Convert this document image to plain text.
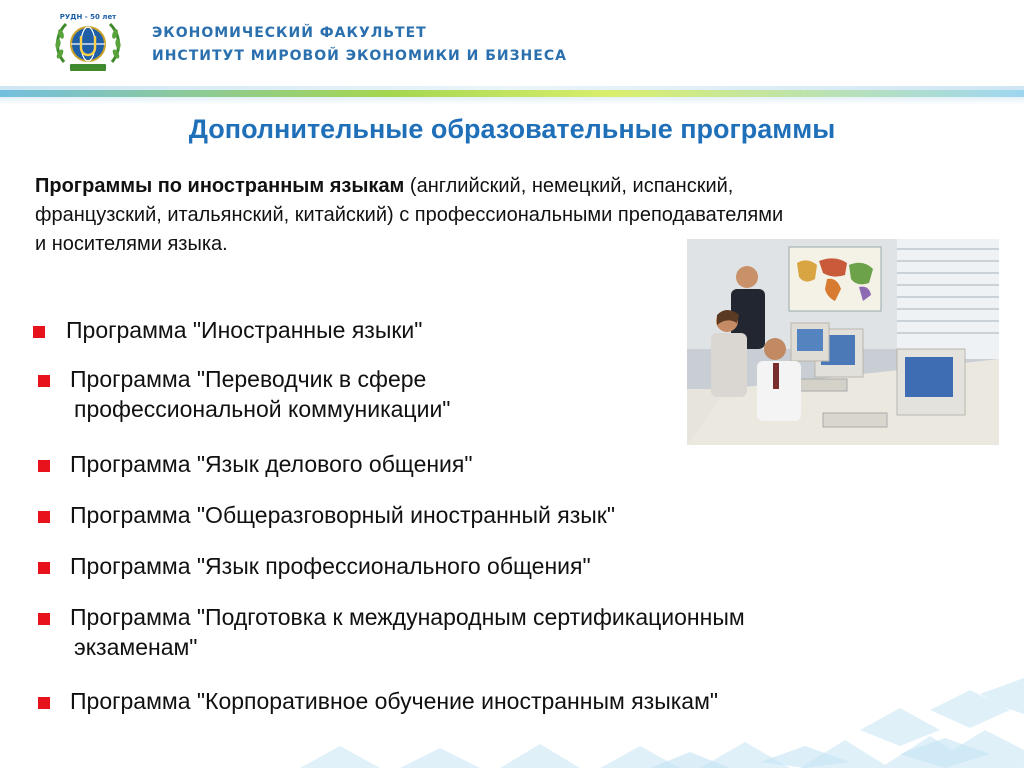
РУДН - 50 лет
ЭКОНОМИЧЕСКИЙ ФАКУЛЬТЕТ
ИНСТИТУТ МИРОВОЙ ЭКОНОМИКИ И БИЗНЕСА
Дополнительные образовательные программы
Программы по иностранным языкам (английский, немецкий, испанский,
французский, итальянский, китайский) с профессиональными преподавателями
и носителями языка.
Программа "Иностранные языки"
Программа "Переводчик в сфере
профессиональной коммуникации"
Программа "Язык делового общения"
Программа "Общеразговорный иностранный язык"
Программа "Язык профессионального общения"
Программа "Подготовка к международным сертификационным
экзаменам"
Программа "Корпоративное обучение иностранным языкам"
